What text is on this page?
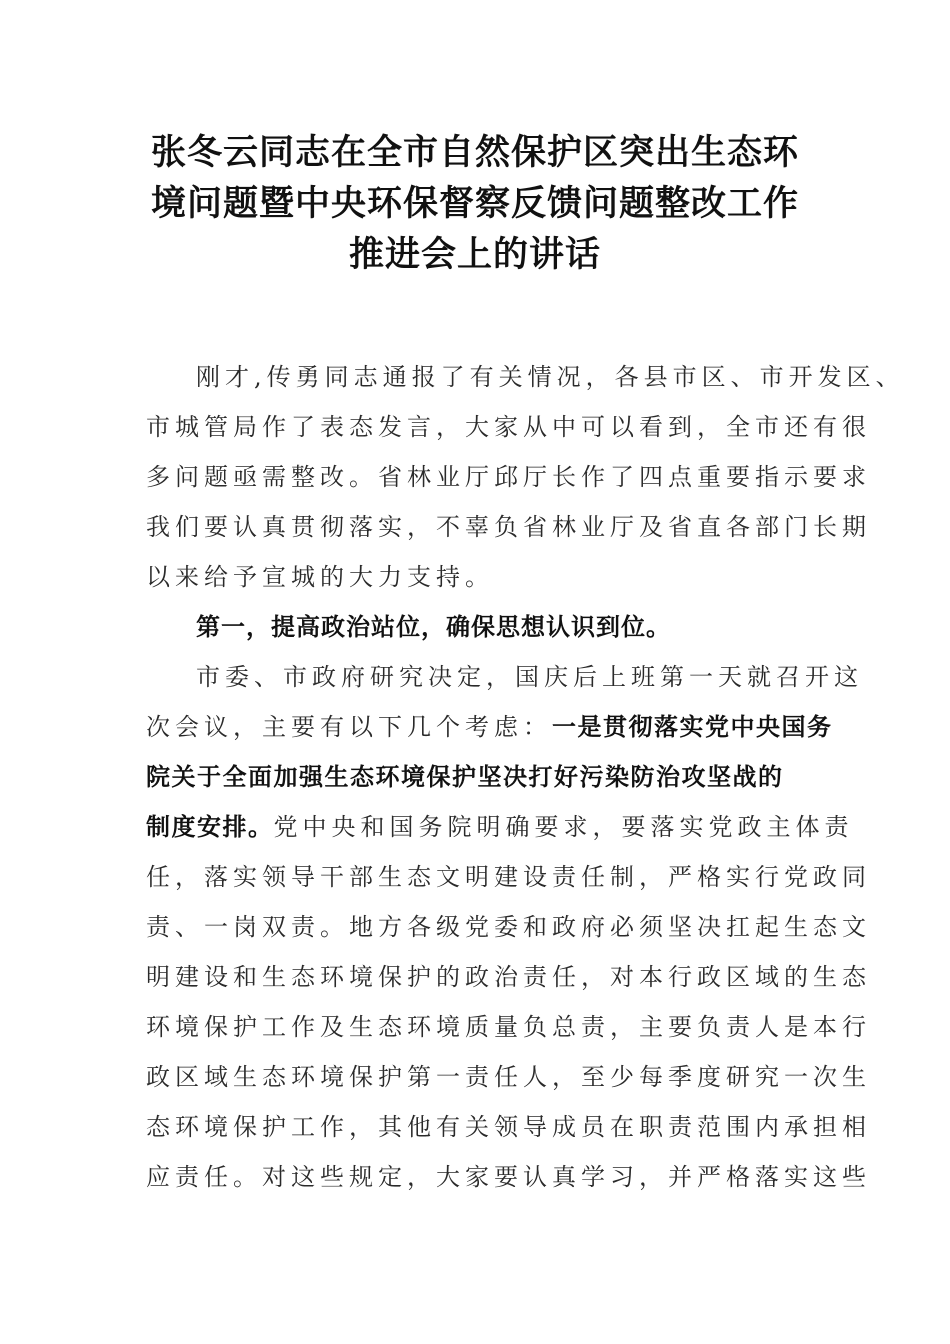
张冬云同志在全市自然保护区突出生态环
境问题暨中央环保督察反馈问题整改工作
推进会上的讲话
刚才,传勇同志通报了有关情况，各县市区、市开发区、
市城管局作了表态发言，大家从中可以看到，全市还有很
多问题亟需整改。省林业厅邱厅长作了四点重要指示要求
我们要认真贯彻落实，不辜负省林业厅及省直各部门长期
以来给予宣城的大力支持。
第一，提高政治站位，确保思想认识到位。
市委、市政府研究决定，国庆后上班第一天就召开这
次会议，主要有以下几个考虑：一是贯彻落实党中央国务
院关于全面加强生态环境保护坚决打好污染防治攻坚战的
制度安排。党中央和国务院明确要求，要落实党政主体责
任，落实领导干部生态文明建设责任制，严格实行党政同
责、一岗双责。地方各级党委和政府必须坚决扛起生态文
明建设和生态环境保护的政治责任，对本行政区域的生态
环境保护工作及生态环境质量负总责，主要负责人是本行
政区域生态环境保护第一责任人，至少每季度研究一次生
态环境保护工作，其他有关领导成员在职责范围内承担相
应责任。对这些规定，大家要认真学习，并严格落实这些
